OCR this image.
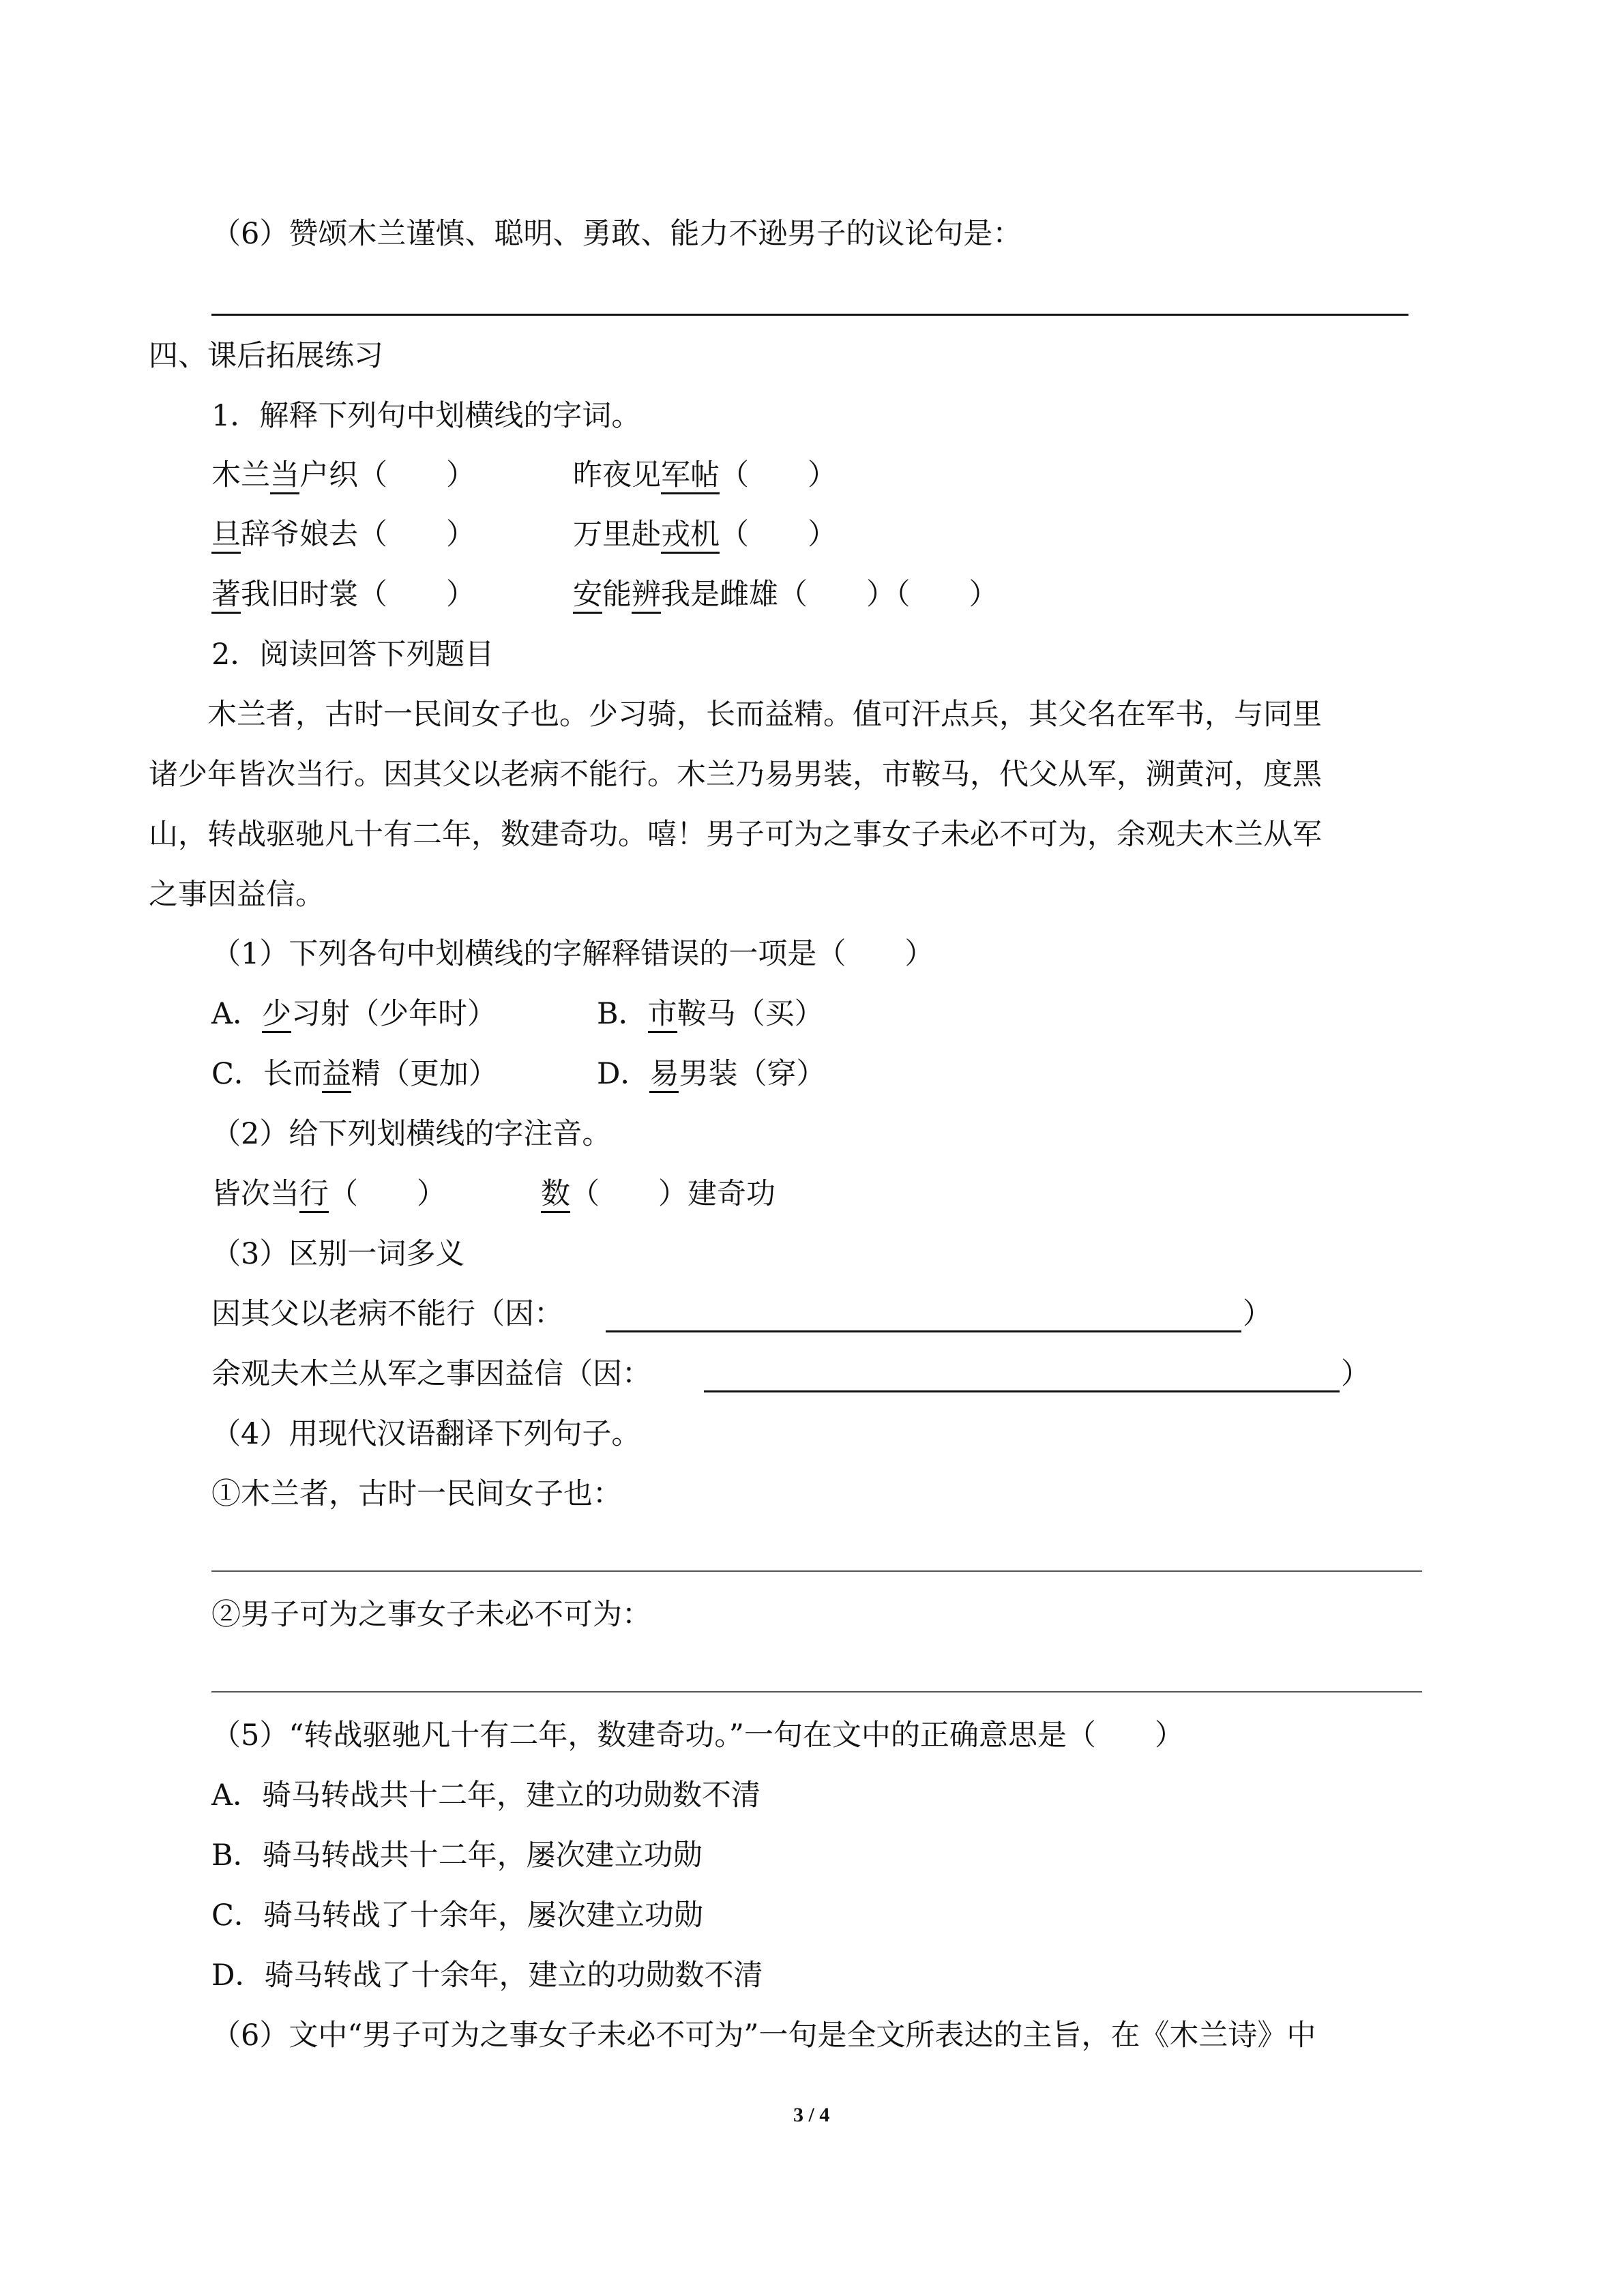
（6）赞颂木兰谨慎、聪明、勇敢、能力不逊男子的议论句是：
四、课后拓展练习
1．解释下列句中划横线的字词。
木兰当户织（　　）	昨夜见军帖（　　）
旦辞爷娘去（　　）	万里赴戎机（　　）
著我旧时裳（　　）	安能辨我是雌雄（　　）（　　）
2．阅读回答下列题目
　　木兰者，古时一民间女子也。少习骑，长而益精。值可汗点兵，其父名在军书，与同里
诸少年皆次当行。因其父以老病不能行。木兰乃易男装，市鞍马，代父从军，溯黄河，度黑
山，转战驱驰凡十有二年，数建奇功。嘻！男子可为之事女子未必不可为，余观夫木兰从军
之事因益信。
（1）下列各句中划横线的字解释错误的一项是（　　）
A．少习射（少年时）	B．市鞍马（买）
C．长而益精（更加）	D．易男装（穿）
（2）给下列划横线的字注音。
皆次当行（　　）	数（　　）建奇功
（3）区别一词多义
因其父以老病不能行（因：	）
余观夫木兰从军之事因益信（因：	）
（4）用现代汉语翻译下列句子。
①木兰者，古时一民间女子也：
②男子可为之事女子未必不可为：
（5）“转战驱驰凡十有二年，数建奇功。”一句在文中的正确意思是（　　）
A．骑马转战共十二年，建立的功勋数不清
B．骑马转战共十二年，屡次建立功勋
C．骑马转战了十余年，屡次建立功勋
D．骑马转战了十余年，建立的功勋数不清
（6）文中“男子可为之事女子未必不可为”一句是全文所表达的主旨，在《木兰诗》中
3 / 4
